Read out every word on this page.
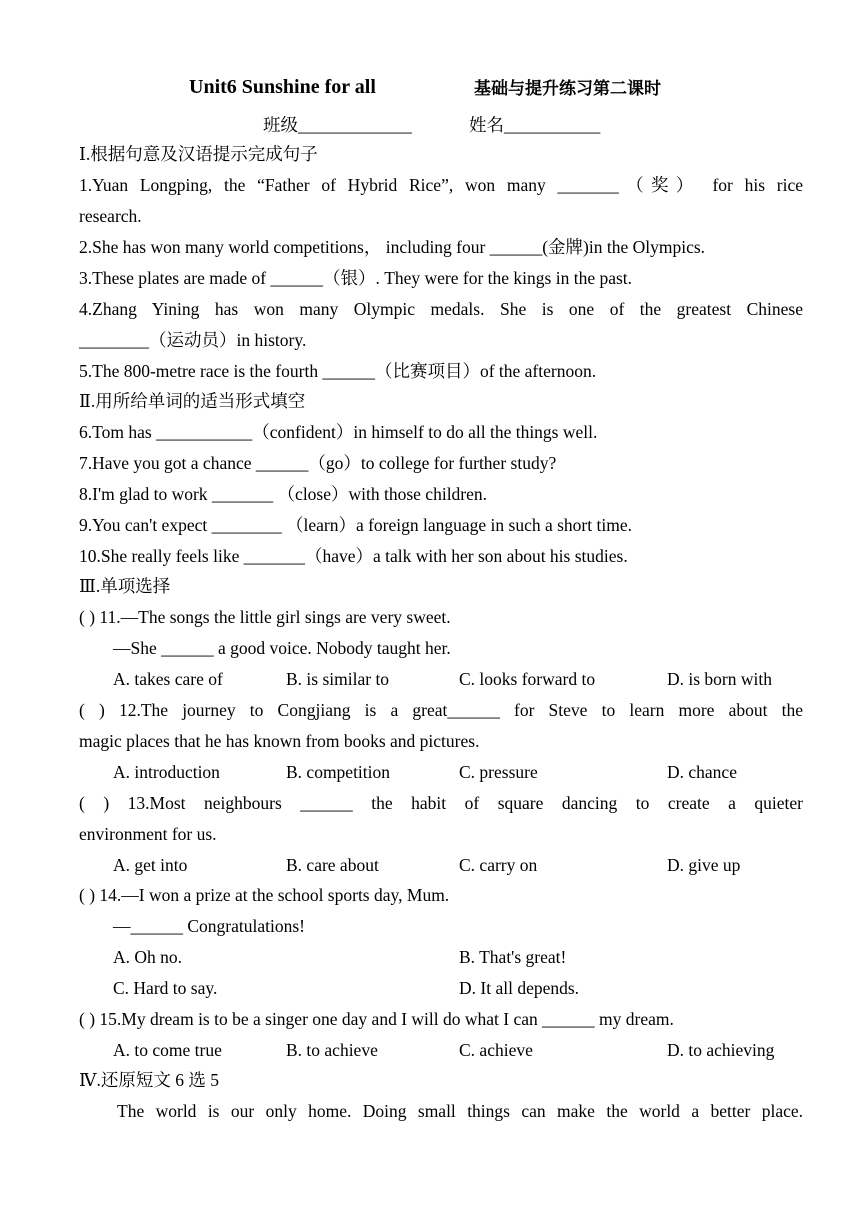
Unit6 Sunshine for all	基础与提升练习第二课时
班级_____________	姓名___________
Ⅰ.根据句意及汉语提示完成句子
1.Yuan Longping, the “Father of Hybrid Rice”, won many _______（奖） for his rice
research.
2.She has won many world competitions， including four ______(金牌)in the Olympics.
3.These plates are made of ______（银）. They were for the kings in the past.
4.Zhang Yining has won many Olympic medals. She is one of the greatest Chinese
________（运动员）in history.
5.The 800-metre race is the fourth ______（比赛项目）of the afternoon.
Ⅱ.用所给单词的适当形式填空
6.Tom has ___________（confident）in himself to do all the things well.
7.Have you got a chance ______（go）to college for further study?
8.I'm glad to work _______ （close）with those children.
9.You can't expect ________ （learn）a foreign language in such a short time.
10.She really feels like _______（have）a talk with her son about his studies.
Ⅲ.单项选择
( ) 11.—The songs the little girl sings are very sweet.
—She ______ a good voice. Nobody taught her.
A. takes care of	B. is similar to	C. looks forward to	D. is born with
( ) 12.The journey to Congjiang is a great______ for Steve to learn more about the
magic places that he has known from books and pictures.
A. introduction	B. competition	C. pressure	D. chance
( ) 13.Most neighbours ______ the habit of square dancing to create a quieter
environment for us.
A. get into	B. care about	C. carry on	D. give up
( ) 14.—I won a prize at the school sports day, Mum.
—______ Congratulations!
A. Oh no.	B. That's great!
C. Hard to say.	D. It all depends.
( ) 15.My dream is to be a singer one day and I will do what I can ______ my dream.
A. to come true	B. to achieve	C. achieve	D. to achieving
Ⅳ.还原短文 6 选 5
The world is our only home. Doing small things can make the world a better place.
